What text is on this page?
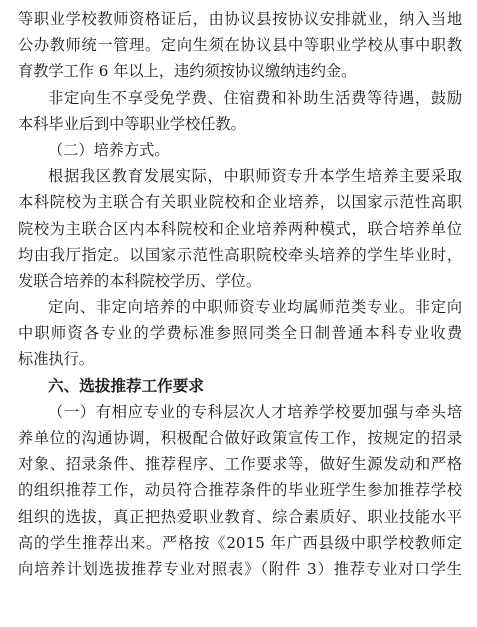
等职业学校教师资格证后，由协议县按协议安排就业，纳入当地
公办教师统一管理。定向生须在协议县中等职业学校从事中职教
育教学工作 6 年以上，违约须按协议缴纳违约金。
非定向生不享受免学费、住宿费和补助生活费等待遇，鼓励
本科毕业后到中等职业学校任教。
（二）培养方式。
根据我区教育发展实际，中职师资专升本学生培养主要采取
本科院校为主联合有关职业院校和企业培养，以国家示范性高职
院校为主联合区内本科院校和企业培养两种模式，联合培养单位
均由我厅指定。以国家示范性高职院校牵头培养的学生毕业时，
发联合培养的本科院校学历、学位。
定向、非定向培养的中职师资专业均属师范类专业。非定向
中职师资各专业的学费标准参照同类全日制普通本科专业收费
标准执行。
六、选拔推荐工作要求
（一）有相应专业的专科层次人才培养学校要加强与牵头培
养单位的沟通协调，积极配合做好政策宣传工作，按规定的招录
对象、招录条件、推荐程序、工作要求等，做好生源发动和严格
的组织推荐工作，动员符合推荐条件的毕业班学生参加推荐学校
组织的选拔，真正把热爱职业教育、综合素质好、职业技能水平
高的学生推荐出来。严格按《2015 年广西县级中职学校教师定
向培养计划选拔推荐专业对照表》（附件 3）推荐专业对口学生
